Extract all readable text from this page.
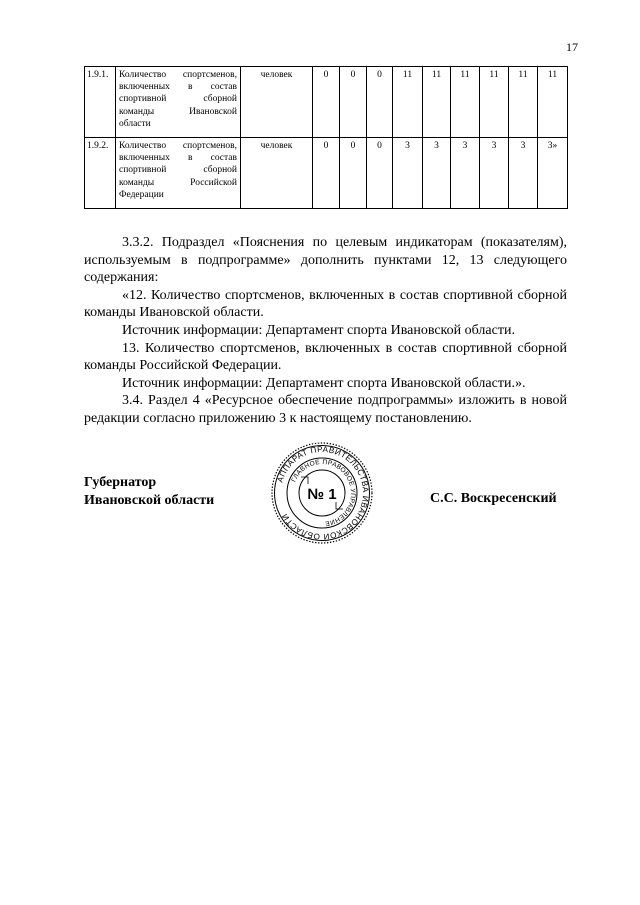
17
1.9.1.	Количество спортсменов, включенных в состав спортивной сборной команды Ивановской области	человек	0	0	0	11	11	11	11	11	11
1.9.2.	Количество спортсменов, включенных в состав спортивной сборной команды Российской Федерации	человек	0	0	0	3	3	3	3	3	3»

3.3.2. Подраздел «Пояснения по целевым индикаторам (показателям), используемым в подпрограмме» дополнить пунктами 12, 13 следующего содержания:

«12. Количество спортсменов, включенных в состав спортивной сборной команды Ивановской области.

Источник информации: Департамент спорта Ивановской области.

13. Количество спортсменов, включенных в состав спортивной сборной команды Российской Федерации.

Источник информации: Департамент спорта Ивановской области.».

3.4. Раздел 4 «Ресурсное обеспечение подпрограммы» изложить в новой редакции согласно приложению 3 к настоящему постановлению.

Губернатор
Ивановской области
АППАРАТ ПРАВИТЕЛЬСТВА ИВАНОВСКОЙ ОБЛАСТИ
ГЛАВНОЕ ПРАВОВОЕ УПРАВЛЕНИЕ
№ 1	С.С. Воскресенский
